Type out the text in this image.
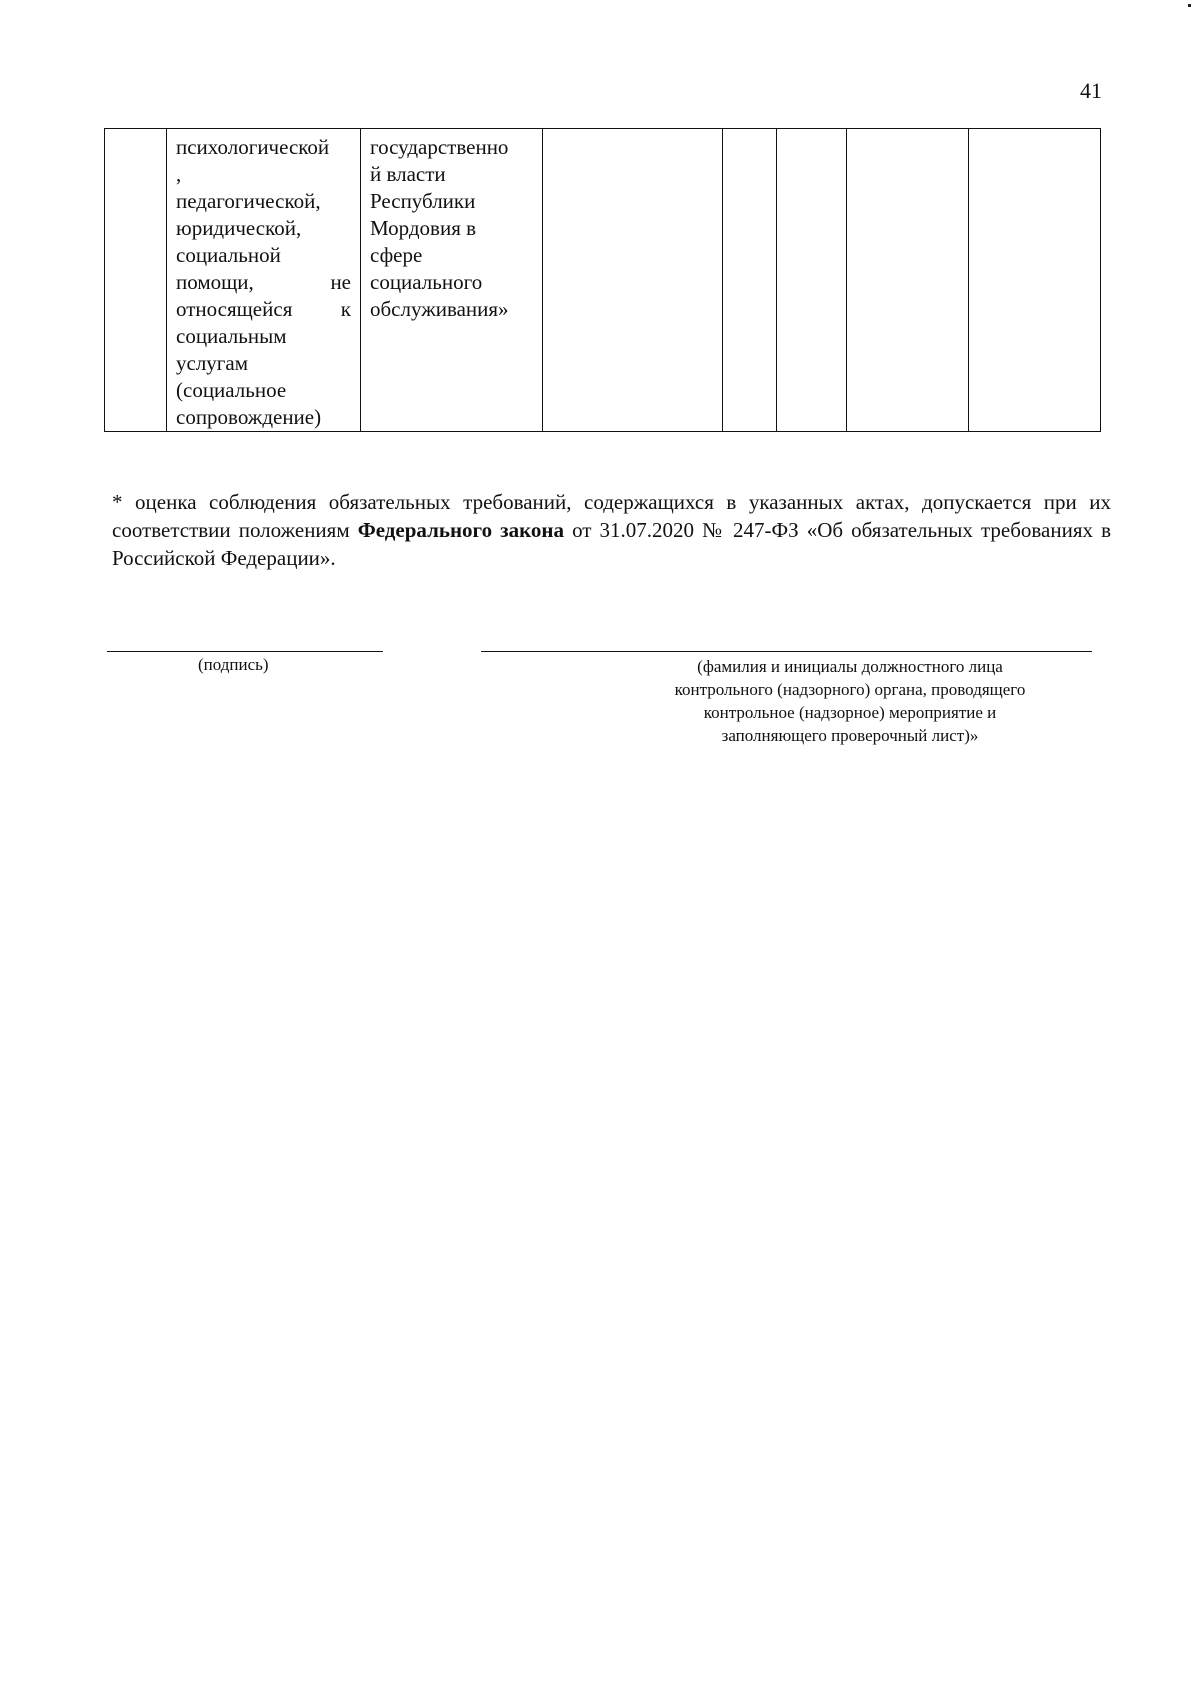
41

психологической
,
педагогической,
юридической,
социальной
помощи,	не
относящейся к
социальным
услугам
(социальное
сопровождение)

государственно
й власти
Республики
Мордовия в
сфере
социального
обслуживания»

* оценка соблюдения обязательных требований, содержащихся в указанных актах, допускается при их соответствии положениям Федерального закона от 31.07.2020 № 247-ФЗ «Об обязательных требованиях в Российской Федерации».
(подпись)	(фамилия и инициалы должностного лица
контрольного (надзорного) органа, проводящего
контрольное (надзорное) мероприятие и
заполняющего проверочный лист)»
